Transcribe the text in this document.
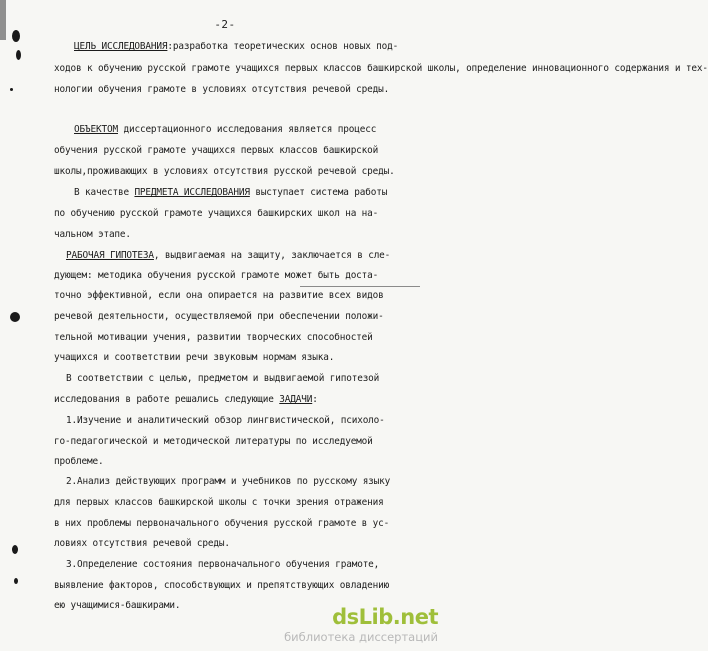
-2-
ЦЕЛЬ ИССЛЕДОВАНИЯ:разработка теоретических основ новых под-
ходов к обучению русской грамоте учащихся первых классов башкирской школы, определение инновационного содержания и тех-
нологии обучения грамоте в условиях отсутствия речевой среды.
ОБЪЕКТОМ диссертационного исследования является процесс
обучения русской грамоте учащихся первых классов башкирской
школы,проживающих в условиях отсутствия русской речевой среды.
В качестве ПРЕДМЕТА ИССЛЕДОВАНИЯ выступает система работы
по обучению русской грамоте учащихся башкирских школ на на-
чальном этапе.
РАБОЧАЯ ГИПОТЕЗА, выдвигаемая на защиту, заключается в сле-
дующем: методика обучения русской грамоте может быть доста-
точно эффективной, если она опирается на развитие всех видов
речевой деятельности, осуществляемой при обеспечении положи-
тельной мотивации учения, развитии творческих способностей
учащихся и соответствии речи звуковым нормам языка.
В соответствии с целью, предметом и выдвигаемой гипотезой
исследования в работе решались следующие ЗАДАЧИ:
1.Изучение и аналитический обзор лингвистической, психоло-
го-педагогической и методической литературы по исследуемой
проблеме.
2.Анализ действующих программ и учебников по русскому языку
для первых классов башкирской школы с точки зрения отражения
в них проблемы первоначального обучения русской грамоте в ус-
ловиях отсутствия речевой среды.
3.Определение состояния первоначального обучения грамоте,
выявление факторов, способствующих и препятствующих овладению
ею учащимися-башкирами.	dsLib.net
библиотека диссертаций
